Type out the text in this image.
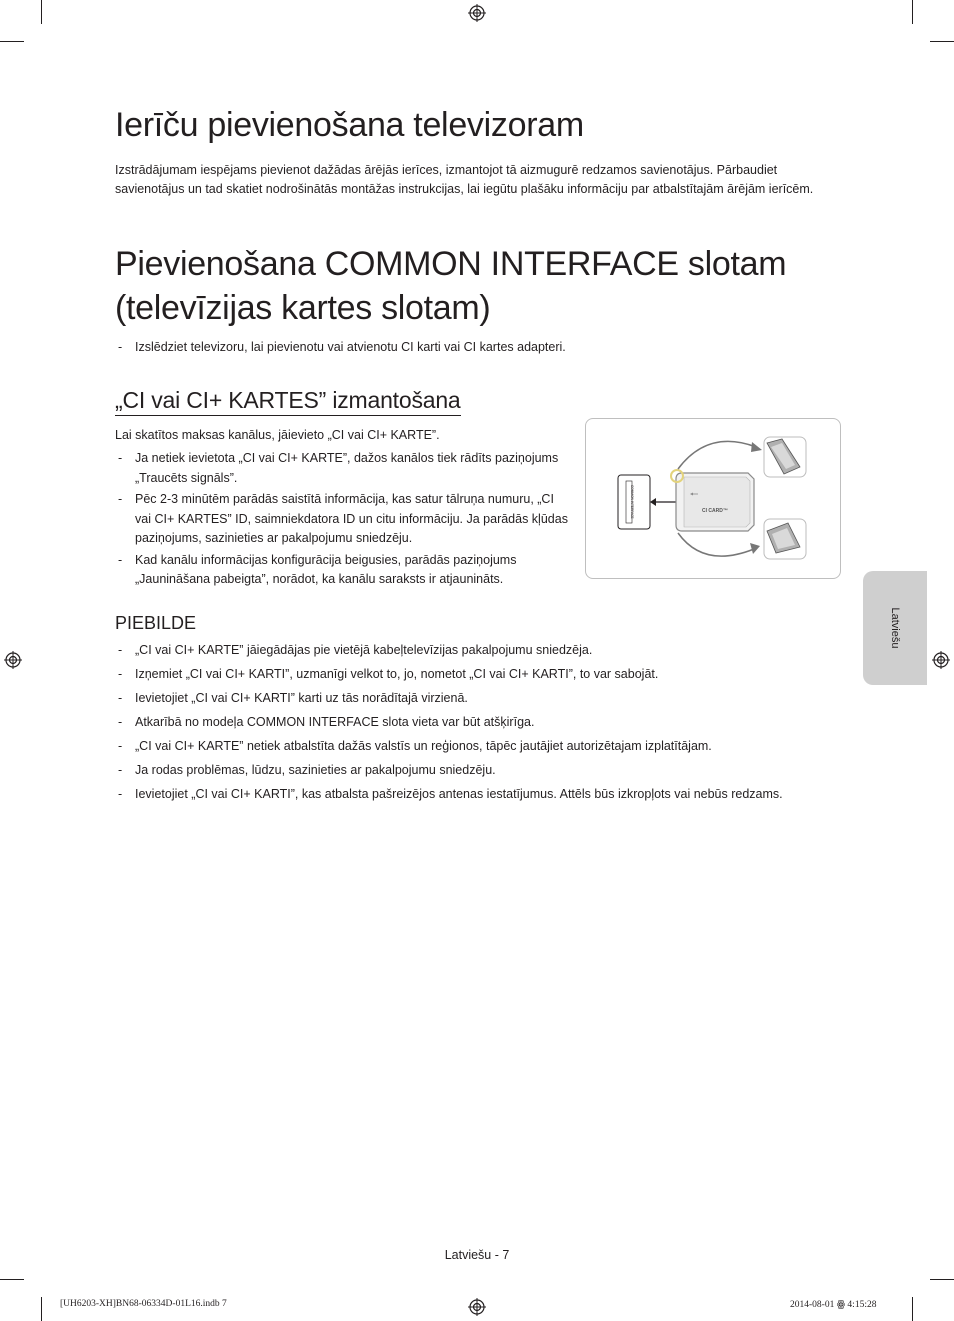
Ierīču pievienošana televizoram

Izstrādājumam iespējams pievienot dažādas ārējās ierīces, izmantojot tā aizmugurē redzamos savienotājus. Pārbaudiet savienotājus un tad skatiet nodrošinātās montāžas instrukcijas, lai iegūtu plašāku informāciju par atbalstītajām ārējām ierīcēm.

Pievienošana COMMON INTERFACE slotam
(televīzijas kartes slotam)
- Izslēdziet televizoru, lai pievienotu vai atvienotu CI karti vai CI kartes adapteri.
„CI vai CI+ KARTES” izmantošana

Lai skatītos maksas kanālus, jāievieto „CI vai CI+ KARTE”.

- Ja netiek ievietota „CI vai CI+ KARTE”, dažos kanālos tiek rādīts paziņojums „Traucēts signāls”.
- Pēc 2-3 minūtēm parādās saistītā informācija, kas satur tālruņa numuru, „CI vai CI+ KARTES” ID, saimniekdatora ID un citu informāciju. Ja parādās kļūdas paziņojums, sazinieties ar pakalpojumu sniedzēju.
- Kad kanālu informācijas konfigurācija beigusies, parādās paziņojums „Jaunināšana pabeigta”, norādot, ka kanālu saraksts ir atjaunināts.
COMMON INTERFACE	CI CARD™
PIEBILDE
- „CI vai CI+ KARTE” jāiegādājas pie vietējā kabeļtelevīzijas pakalpojumu sniedzēja.
- Izņemiet „CI vai CI+ KARTI”, uzmanīgi velkot to, jo, nometot „CI vai CI+ KARTI”, to var sabojāt.
- Ievietojiet „CI vai CI+ KARTI” karti uz tās norādītajā virzienā.
- Atkarībā no modeļa COMMON INTERFACE slota vieta var būt atšķirīga.
- „CI vai CI+ KARTE” netiek atbalstīta dažās valstīs un reģionos, tāpēc jautājiet autorizētajam izplatītājam.
- Ja rodas problēmas, lūdzu, sazinieties ar pakalpojumu sniedzēju.
- Ievietojiet „CI vai CI+ KARTI”, kas atbalsta pašreizējos antenas iestatījumus. Attēls būs izkropļots vai nebūs redzams.
Latviešu
Latviešu - 7
[UH6203-XH]BN68-06334D-01L16.indb 7	2014-08-01 ꙮ 4:15:28
